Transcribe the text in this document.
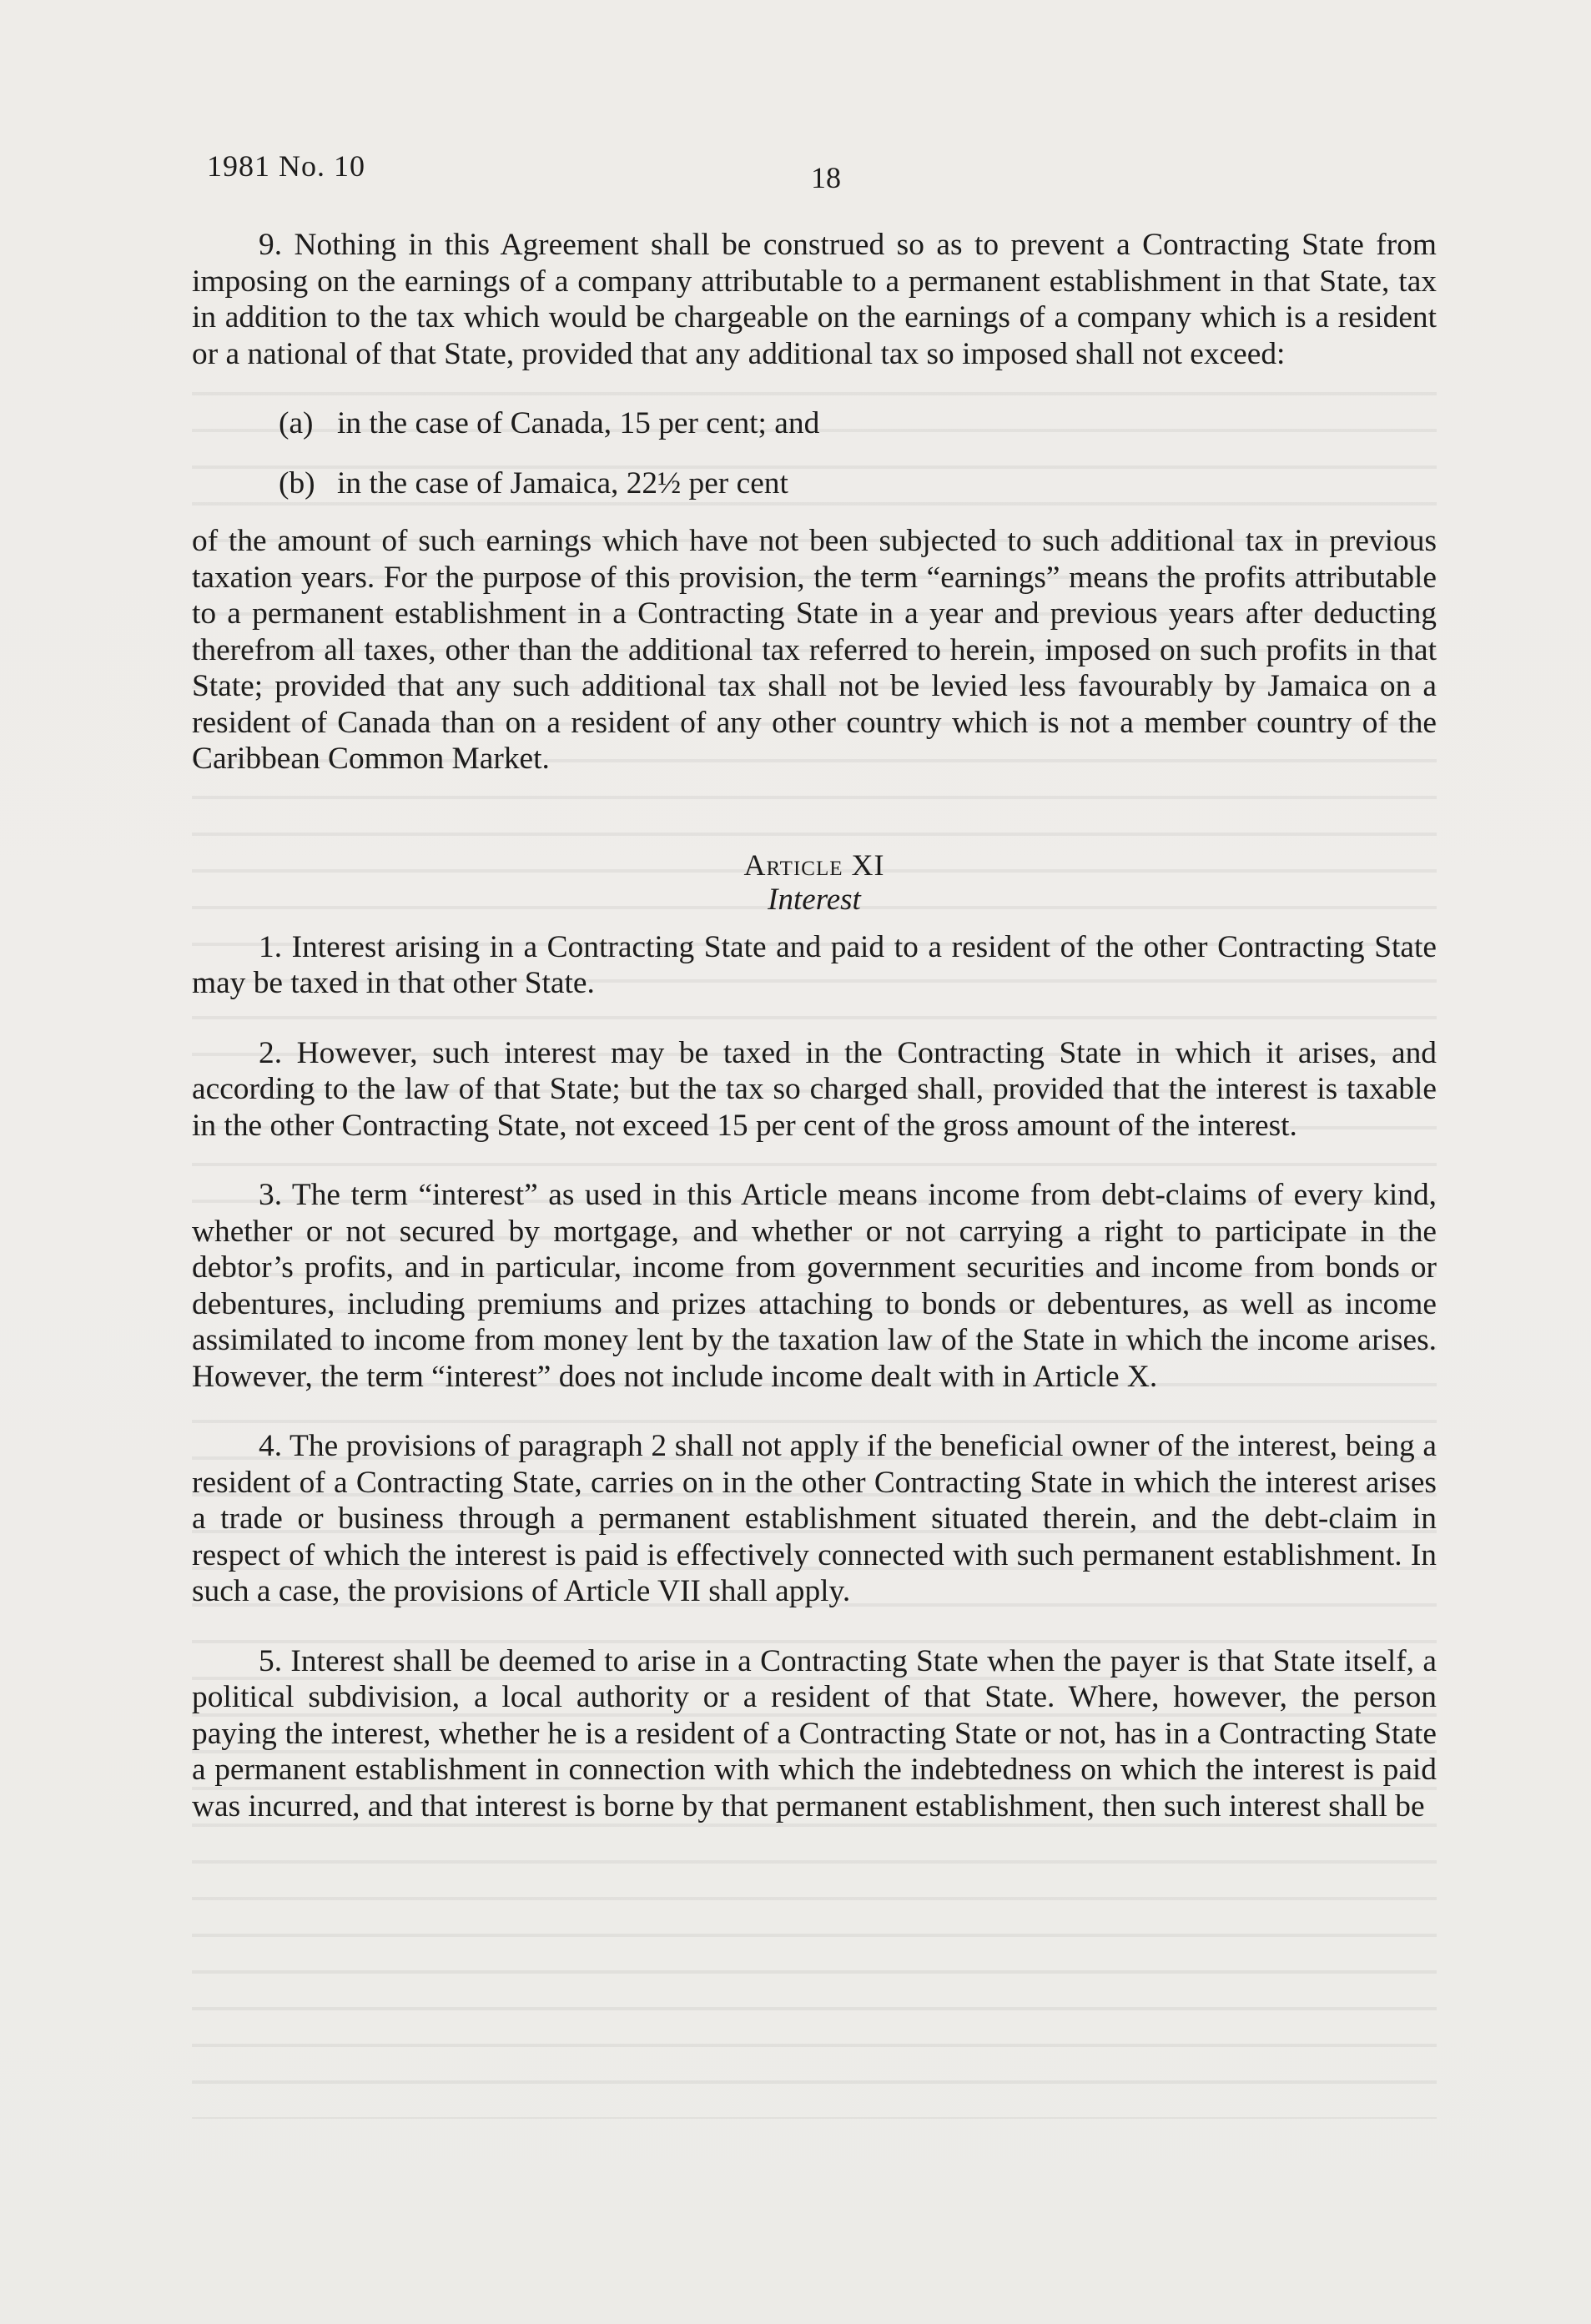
1981 No. 10	18

9. Nothing in this Agreement shall be construed so as to prevent a Contracting State from imposing on the earnings of a company attributable to a permanent establishment in that State, tax in addition to the tax which would be chargeable on the earnings of a company which is a resident or a national of that State, provided that any additional tax so imposed shall not exceed:

(a) in the case of Canada, 15 per cent; and

(b) in the case of Jamaica, 22½ per cent

of the amount of such earnings which have not been subjected to such additional tax in previous taxation years. For the purpose of this provision, the term “earnings” means the profits attributable to a permanent establishment in a Contracting State in a year and previous years after deducting therefrom all taxes, other than the additional tax referred to herein, imposed on such profits in that State; provided that any such additional tax shall not be levied less favourably by Jamaica on a resident of Canada than on a resident of any other country which is not a member country of the Caribbean Common Market.

Article XI
Interest

1. Interest arising in a Contracting State and paid to a resident of the other Contracting State may be taxed in that other State.

2. However, such interest may be taxed in the Contracting State in which it arises, and according to the law of that State; but the tax so charged shall, provided that the interest is taxable in the other Contracting State, not exceed 15 per cent of the gross amount of the interest.

3. The term “interest” as used in this Article means income from debt-claims of every kind, whether or not secured by mortgage, and whether or not carrying a right to participate in the debtor’s profits, and in particular, income from government securities and income from bonds or debentures, including premiums and prizes attaching to bonds or debentures, as well as income assimilated to income from money lent by the taxation law of the State in which the income arises. However, the term “interest” does not include income dealt with in Article X.

4. The provisions of paragraph 2 shall not apply if the beneficial owner of the interest, being a resident of a Contracting State, carries on in the other Contracting State in which the interest arises a trade or business through a permanent establishment situated therein, and the debt-claim in respect of which the interest is paid is effectively connected with such permanent establishment. In such a case, the provisions of Article VII shall apply.

5. Interest shall be deemed to arise in a Contracting State when the payer is that State itself, a political subdivision, a local authority or a resident of that State. Where, however, the person paying the interest, whether he is a resident of a Contracting State or not, has in a Contracting State a permanent establishment in connection with which the indebtedness on which the interest is paid was incurred, and that interest is borne by that permanent establishment, then such interest shall be
